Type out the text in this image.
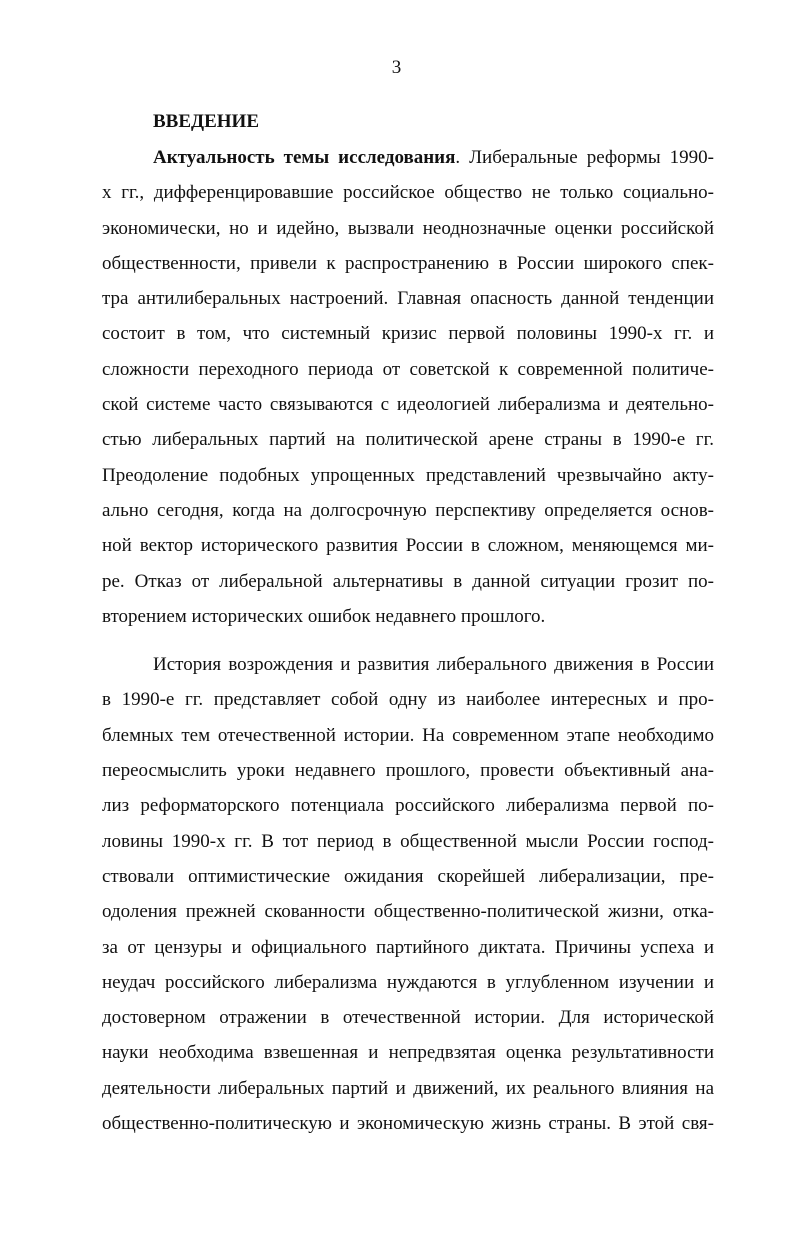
3
ВВЕДЕНИЕ
Актуальность темы исследования. Либеральные реформы 1990-
х гг., дифференцировавшие российское общество не только социально-
экономически, но и идейно, вызвали неоднозначные оценки российской
общественности, привели к распространению в России широкого спек-
тра антилиберальных настроений. Главная опасность данной тенденции
состоит в том, что системный кризис первой половины 1990-х гг. и
сложности переходного периода от советской к современной политиче-
ской системе часто связываются с идеологией либерализма и деятельно-
стью либеральных партий на политической арене страны в 1990-е гг.
Преодоление подобных упрощенных представлений чрезвычайно акту-
ально сегодня, когда на долгосрочную перспективу определяется основ-
ной вектор исторического развития России в сложном, меняющемся ми-
ре. Отказ от либеральной альтернативы в данной ситуации грозит по-
вторением исторических ошибок недавнего прошлого.
История возрождения и развития либерального движения в России
в 1990-е гг. представляет собой одну из наиболее интересных и про-
блемных тем отечественной истории. На современном этапе необходимо
переосмыслить уроки недавнего прошлого, провести объективный ана-
лиз реформаторского потенциала российского либерализма первой по-
ловины 1990-х гг. В тот период в общественной мысли России господ-
ствовали оптимистические ожидания скорейшей либерализации, пре-
одоления прежней скованности общественно-политической жизни, отка-
за от цензуры и официального партийного диктата. Причины успеха и
неудач российского либерализма нуждаются в углубленном изучении и
достоверном отражении в отечественной истории. Для исторической
науки необходима взвешенная и непредвзятая оценка результативности
деятельности либеральных партий и движений, их реального влияния на
общественно-политическую и экономическую жизнь страны. В этой свя-
